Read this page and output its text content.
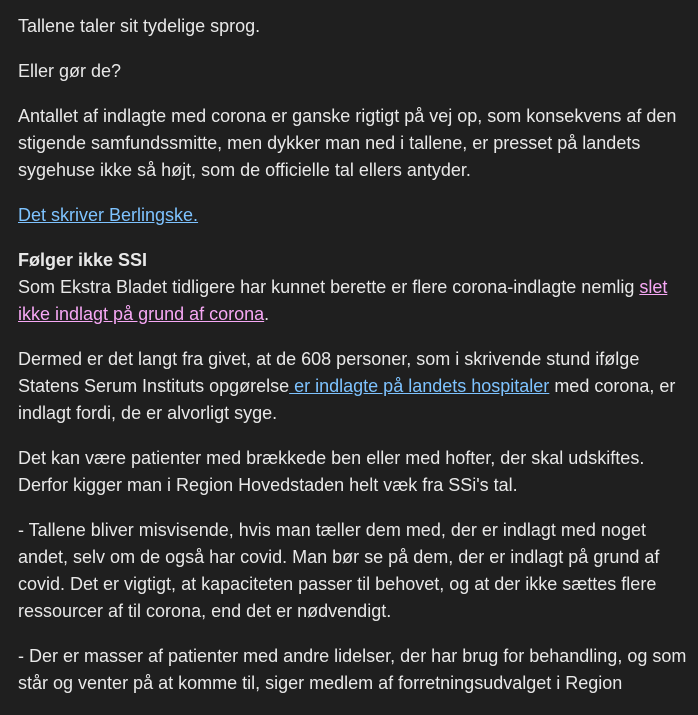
Tallene taler sit tydelige sprog.

Eller gør de?

Antallet af indlagte med corona er ganske rigtigt på vej op, som konsekvens af den stigende samfundssmitte, men dykker man ned i tallene, er presset på landets sygehuse ikke så højt, som de officielle tal ellers antyder.

Det skriver Berlingske.

Følger ikke SSI
Som Ekstra Bladet tidligere har kunnet berette er flere corona-indlagte nemlig slet ikke indlagt på grund af corona.

Dermed er det langt fra givet, at de 608 personer, som i skrivende stund ifølge Statens Serum Instituts opgørelse er indlagte på landets hospitaler med corona, er indlagt fordi, de er alvorligt syge.

Det kan være patienter med brækkede ben eller med hofter, der skal udskiftes. Derfor kigger man i Region Hovedstaden helt væk fra SSi's tal.

- Tallene bliver misvisende, hvis man tæller dem med, der er indlagt med noget andet, selv om de også har covid. Man bør se på dem, der er indlagt på grund af covid. Det er vigtigt, at kapaciteten passer til behovet, og at der ikke sættes flere ressourcer af til corona, end det er nødvendigt.

- Der er masser af patienter med andre lidelser, der har brug for behandling, og som står og venter på at komme til, siger medlem af forretningsudvalget i Region
